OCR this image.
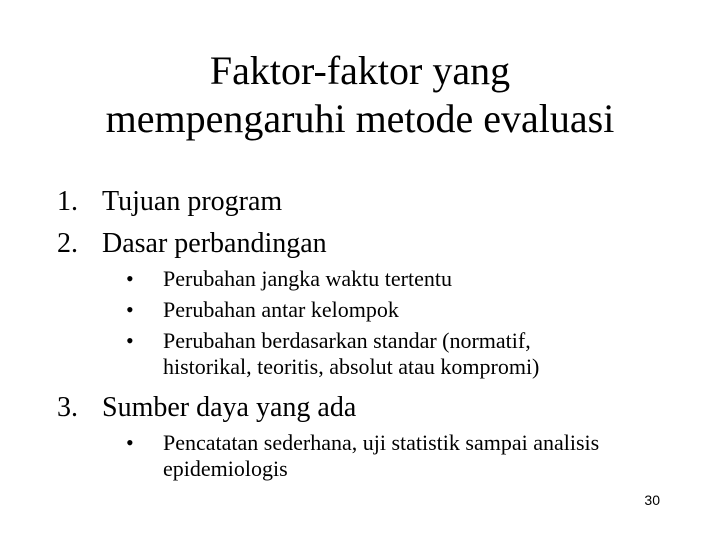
Faktor-faktor yang
mempengaruhi metode evaluasi
1. Tujuan program
2. Dasar perbandingan
•	Perubahan jangka waktu tertentu
•	Perubahan antar kelompok
•	Perubahan berdasarkan standar (normatif, historikal, teoritis, absolut atau kompromi)
3. Sumber daya yang ada
•	Pencatatan sederhana, uji statistik sampai analisis epidemiologis
30
